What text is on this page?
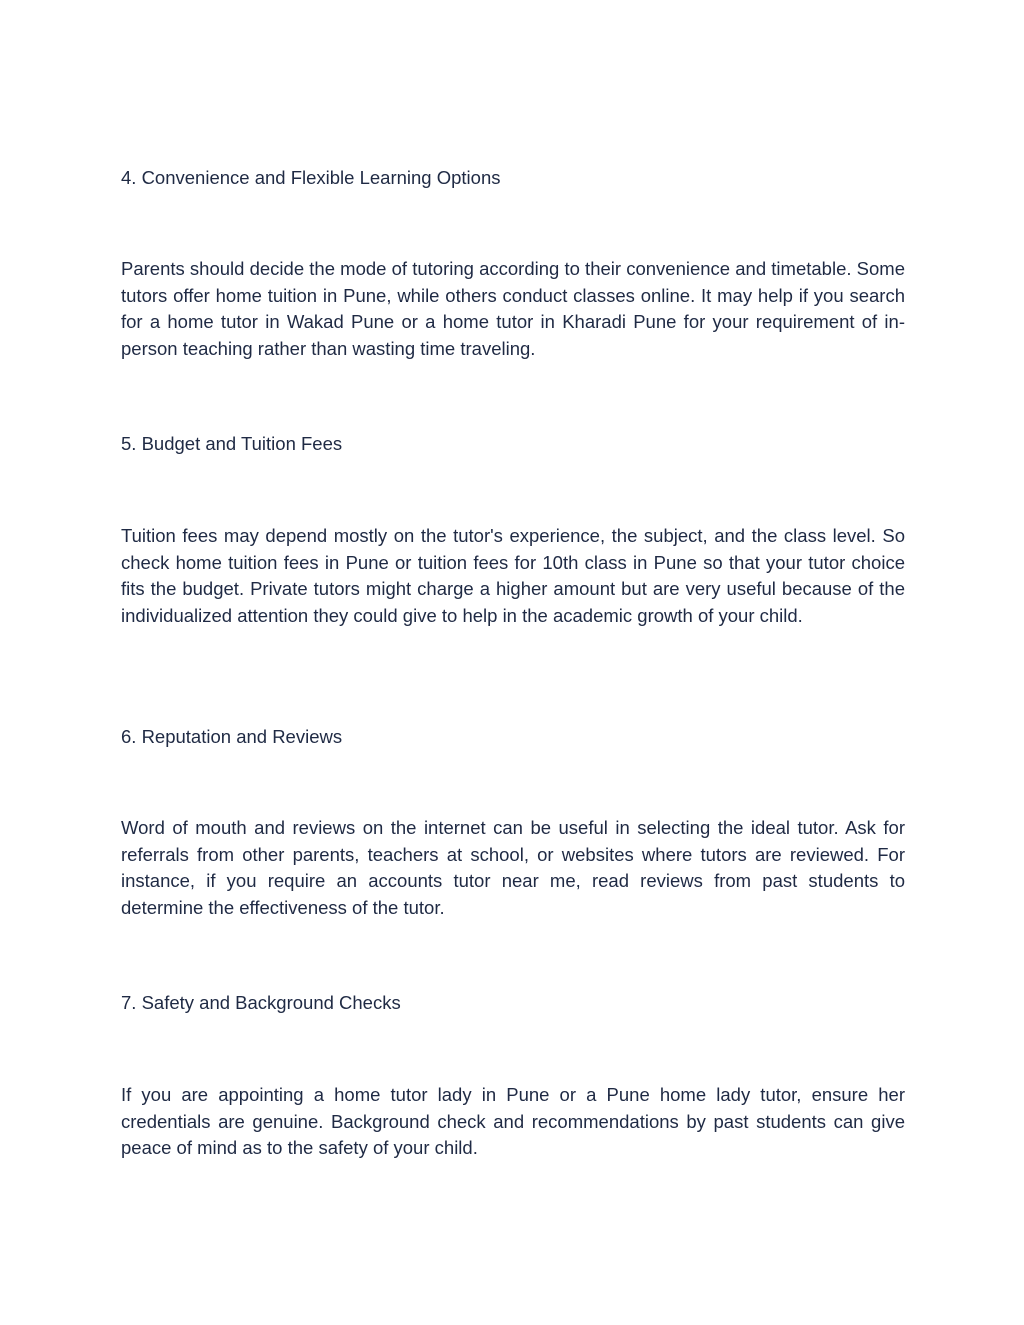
4. Convenience and Flexible Learning Options

Parents should decide the mode of tutoring according to their convenience and timetable. Some tutors offer home tuition in Pune, while others conduct classes online. It may help if you search for a home tutor in Wakad Pune or a home tutor in Kharadi Pune for your requirement of in-person teaching rather than wasting time traveling.

5. Budget and Tuition Fees

Tuition fees may depend mostly on the tutor's experience, the subject, and the class level. So check home tuition fees in Pune or tuition fees for 10th class in Pune so that your tutor choice fits the budget. Private tutors might charge a higher amount but are very useful because of the individualized attention they could give to help in the academic growth of your child.

6. Reputation and Reviews

Word of mouth and reviews on the internet can be useful in selecting the ideal tutor. Ask for referrals from other parents, teachers at school, or websites where tutors are reviewed. For instance, if you require an accounts tutor near me, read reviews from past students to determine the effectiveness of the tutor.

7. Safety and Background Checks

If you are appointing a home tutor lady in Pune or a Pune home lady tutor, ensure her credentials are genuine. Background check and recommendations by past students can give peace of mind as to the safety of your child.
